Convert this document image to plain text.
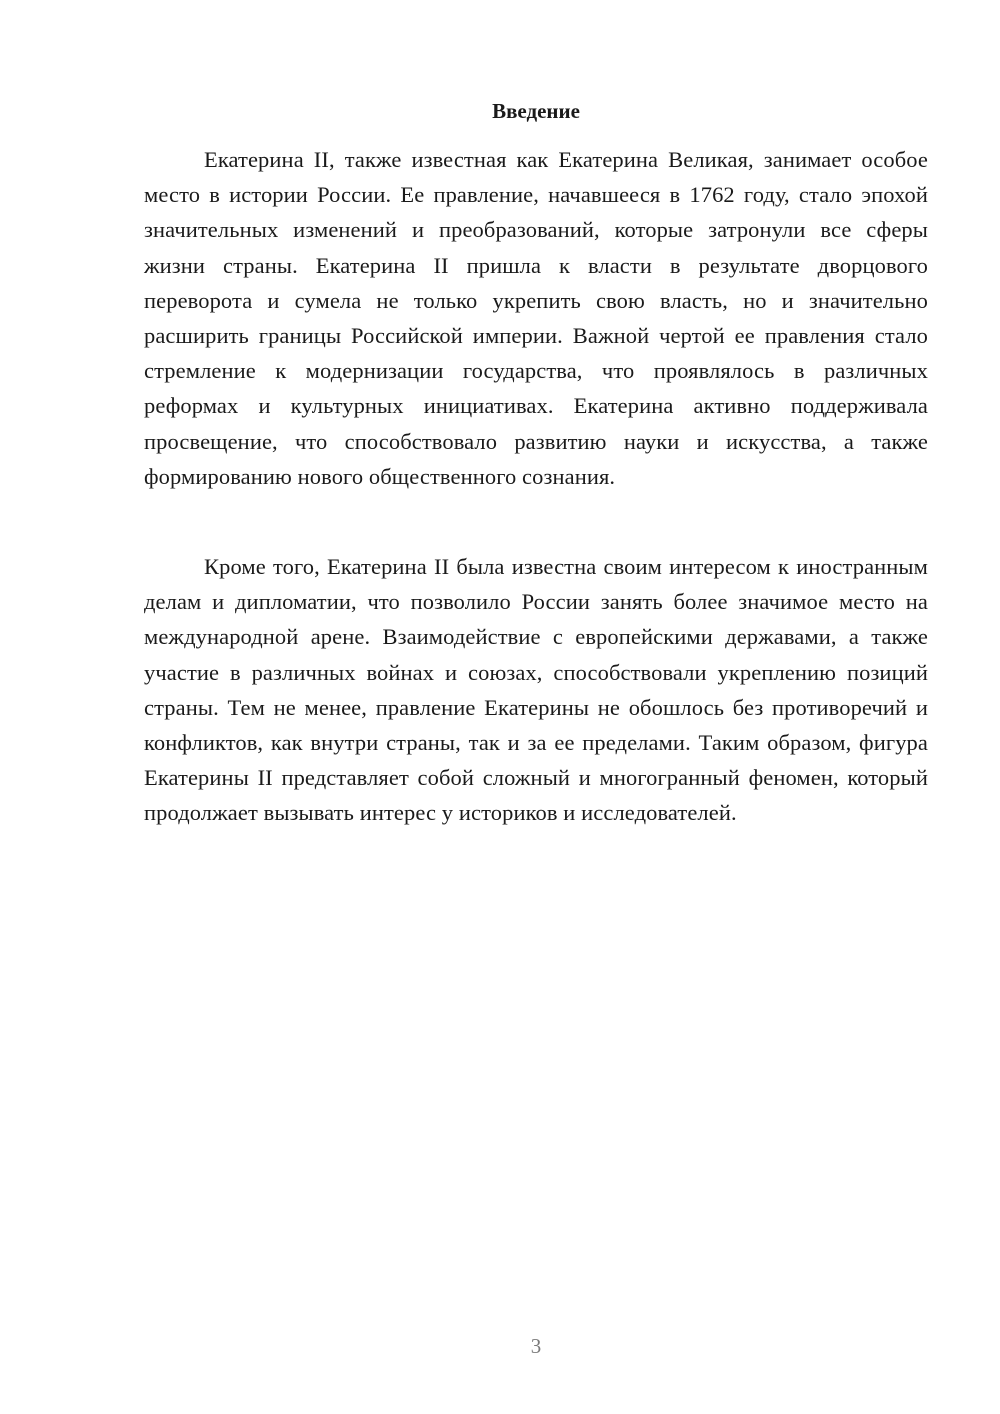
Введение

Екатерина II, также известная как Екатерина Великая, занимает особое место в истории России. Ее правление, начавшееся в 1762 году, стало эпохой значительных изменений и преобразований, которые затронули все сферы жизни страны. Екатерина II пришла к власти в результате дворцового переворота и сумела не только укрепить свою власть, но и значительно расширить границы Российской империи. Важной чертой ее правления стало стремление к модернизации государства, что проявлялось в различных реформах и культурных инициативах. Екатерина активно поддерживала просвещение, что способствовало развитию науки и искусства, а также формированию нового общественного сознания.

Кроме того, Екатерина II была известна своим интересом к иностранным делам и дипломатии, что позволило России занять более значимое место на международной арене. Взаимодействие с европейскими державами, а также участие в различных войнах и союзах, способствовали укреплению позиций страны. Тем не менее, правление Екатерины не обошлось без противоречий и конфликтов, как внутри страны, так и за ее пределами. Таким образом, фигура Екатерины II представляет собой сложный и многогранный феномен, который продолжает вызывать интерес у историков и исследователей.

3
